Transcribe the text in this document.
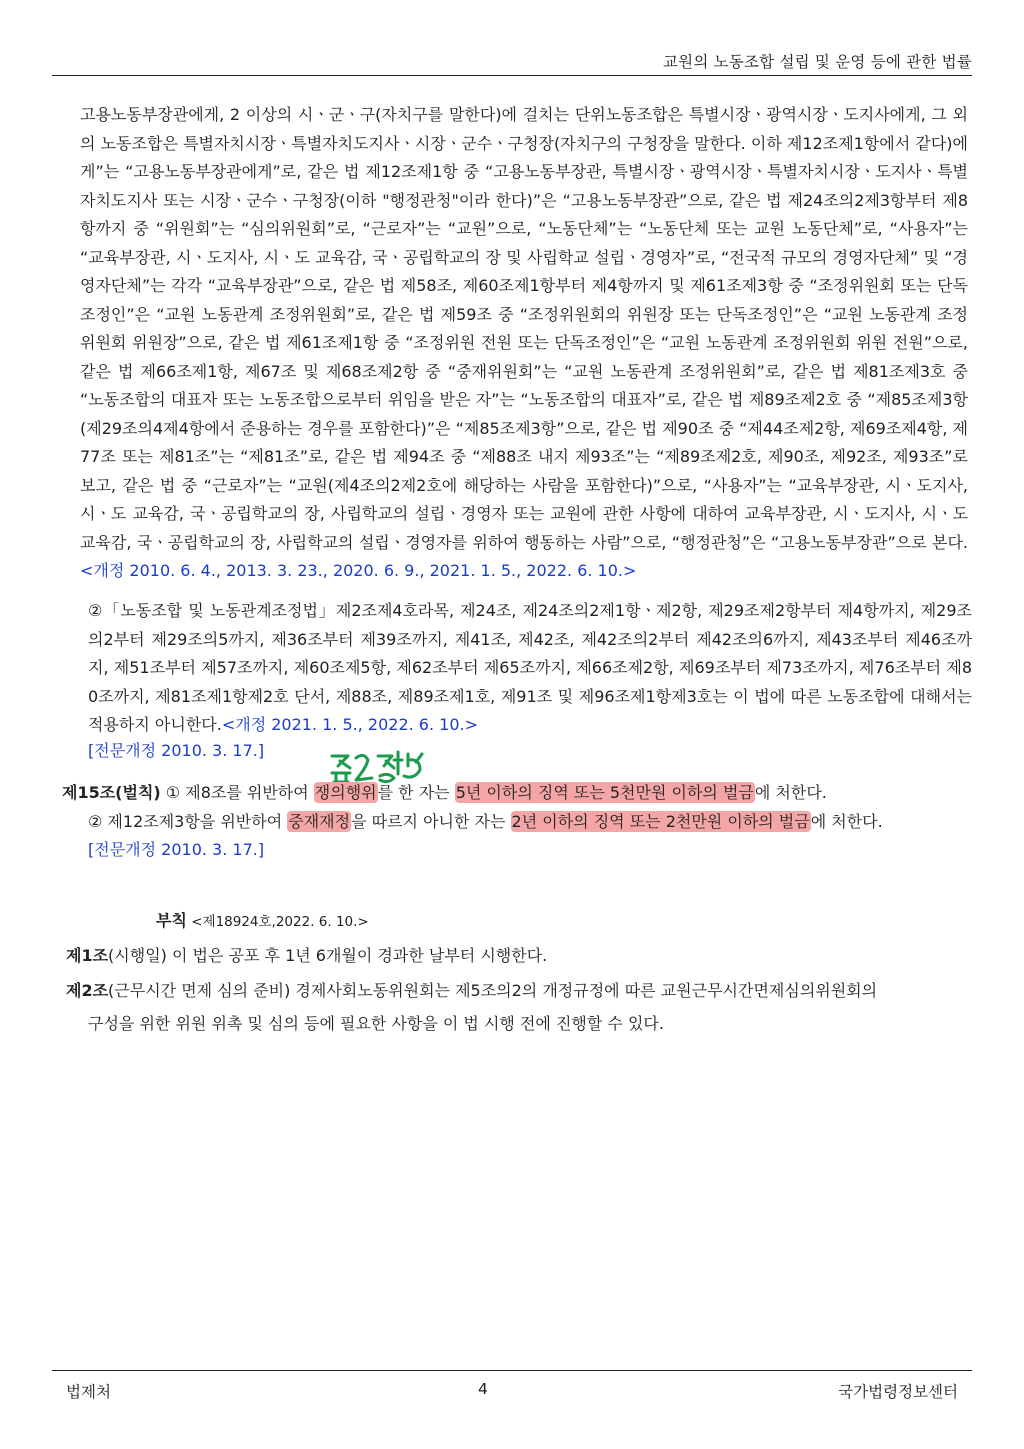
교원의 노동조합 설립 및 운영 등에 관한 법률

고용노동부장관에게, 2 이상의 시ㆍ군ㆍ구(자치구를 말한다)에 걸치는 단위노동조합은 특별시장ㆍ광역시장ㆍ도지사에게, 그 외의 노동조합은 특별자치시장ㆍ특별자치도지사ㆍ시장ㆍ군수ㆍ구청장(자치구의 구청장을 말한다. 이하 제12조제1항에서 같다)에게”는 “고용노동부장관에게”로, 같은 법 제12조제1항 중 “고용노동부장관, 특별시장ㆍ광역시장ㆍ특별자치시장ㆍ도지사ㆍ특별자치도지사 또는 시장ㆍ군수ㆍ구청장(이하 "행정관청"이라 한다)”은 “고용노동부장관”으로, 같은 법 제24조의2제3항부터 제8항까지 중 “위원회”는 “심의위원회”로, “근로자”는 “교원”으로, “노동단체”는 “노동단체 또는 교원 노동단체”로, “사용자”는 “교육부장관, 시ㆍ도지사, 시ㆍ도 교육감, 국ㆍ공립학교의 장 및 사립학교 설립ㆍ경영자”로, “전국적 규모의 경영자단체” 및 “경영자단체”는 각각 “교육부장관”으로, 같은 법 제58조, 제60조제1항부터 제4항까지 및 제61조제3항 중 “조정위원회 또는 단독조정인”은 “교원 노동관계 조정위원회”로, 같은 법 제59조 중 “조정위원회의 위원장 또는 단독조정인”은 “교원 노동관계 조정위원회 위원장”으로, 같은 법 제61조제1항 중 “조정위원 전원 또는 단독조정인”은 “교원 노동관계 조정위원회 위원 전원”으로, 같은 법 제66조제1항, 제67조 및 제68조제2항 중 “중재위원회”는 “교원 노동관계 조정위원회”로, 같은 법 제81조제3호 중 “노동조합의 대표자 또는 노동조합으로부터 위임을 받은 자”는 “노동조합의 대표자”로, 같은 법 제89조제2호 중 “제85조제3항(제29조의4제4항에서 준용하는 경우를 포함한다)”은 “제85조제3항”으로, 같은 법 제90조 중 “제44조제2항, 제69조제4항, 제77조 또는 제81조”는 “제81조”로, 같은 법 제94조 중 “제88조 내지 제93조”는 “제89조제2호, 제90조, 제92조, 제93조”로 보고, 같은 법 중 “근로자”는 “교원(제4조의2제2호에 해당하는 사람을 포함한다)”으로, “사용자”는 “교육부장관, 시ㆍ도지사, 시ㆍ도 교육감, 국ㆍ공립학교의 장, 사립학교의 설립ㆍ경영자 또는 교원에 관한 사항에 대하여 교육부장관, 시ㆍ도지사, 시ㆍ도 교육감, 국ㆍ공립학교의 장, 사립학교의 설립ㆍ경영자를 위하여 행동하는 사람”으로, “행정관청”은 “고용노동부장관”으로 본다. <개정 2010. 6. 4., 2013. 3. 23., 2020. 6. 9., 2021. 1. 5., 2022. 6. 10.>

②「노동조합 및 노동관계조정법」제2조제4호라목, 제24조, 제24조의2제1항ㆍ제2항, 제29조제2항부터 제4항까지, 제29조의2부터 제29조의5까지, 제36조부터 제39조까지, 제41조, 제42조, 제42조의2부터 제42조의6까지, 제43조부터 제46조까지, 제51조부터 제57조까지, 제60조제5항, 제62조부터 제65조까지, 제66조제2항, 제69조부터 제73조까지, 제76조부터 제80조까지, 제81조제1항제2호 단서, 제88조, 제89조제1호, 제91조 및 제96조제1항제3호는 이 법에 따른 노동조합에 대해서는 적용하지 아니한다.<개정 2021. 1. 5., 2022. 6. 10.>

[전문개정 2010. 3. 17.]

제15조(벌칙) ① 제8조를 위반하여 쟁의행위를 한 자는 5년 이하의 징역 또는 5천만원 이하의 벌금에 처한다.

② 제12조제3항을 위반하여 중재재정을 따르지 아니한 자는 2년 이하의 징역 또는 2천만원 이하의 벌금에 처한다.

[전문개정 2010. 3. 17.]

부칙 <제18924호,2022. 6. 10.>

제1조(시행일) 이 법은 공포 후 1년 6개월이 경과한 날부터 시행한다.

제2조(근무시간 면제 심의 준비) 경제사회노동위원회는 제5조의2의 개정규정에 따른 교원근무시간면제심의위원회의

구성을 위한 위원 위촉 및 심의 등에 필요한 사항을 이 법 시행 전에 진행할 수 있다.

법제처	4	국가법령정보센터
